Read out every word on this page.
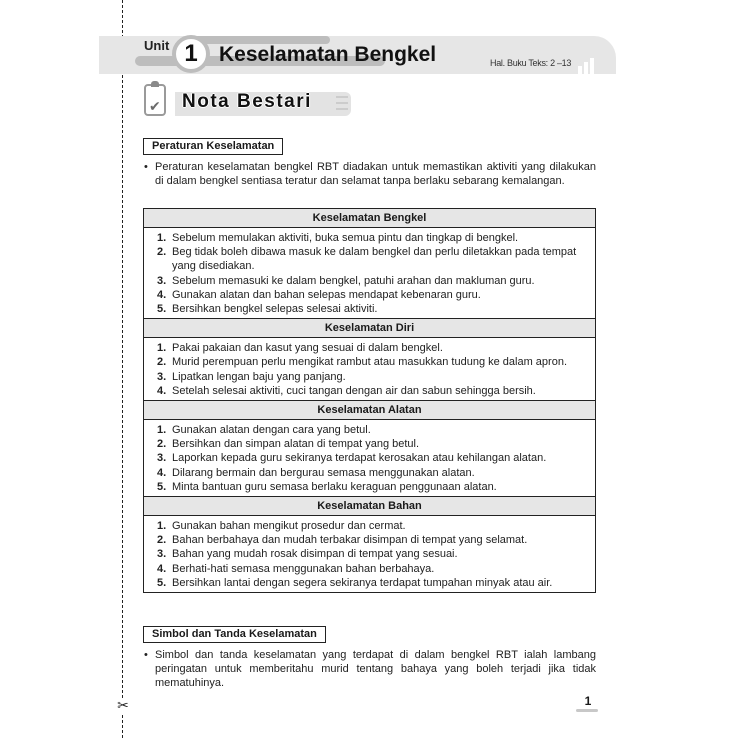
✂
Unit 1	Keselamatan Bengkel	Hal. Buku Teks: 2 –13
✔ Nota Bestari
Peraturan Keselamatan
• Peraturan keselamatan bengkel RBT diadakan untuk memastikan aktiviti yang dilakukan di dalam bengkel sentiasa teratur dan selamat tanpa berlaku sebarang kemalangan.
Keselamatan Bengkel
1. Sebelum memulakan aktiviti, buka semua pintu dan tingkap di bengkel.
2. Beg tidak boleh dibawa masuk ke dalam bengkel dan perlu diletakkan pada tempat yang disediakan.
3. Sebelum memasuki ke dalam bengkel, patuhi arahan dan makluman guru.
4. Gunakan alatan dan bahan selepas mendapat kebenaran guru.
5. Bersihkan bengkel selepas selesai aktiviti.
Keselamatan Diri
1. Pakai pakaian dan kasut yang sesuai di dalam bengkel.
2. Murid perempuan perlu mengikat rambut atau masukkan tudung ke dalam apron.
3. Lipatkan lengan baju yang panjang.
4. Setelah selesai aktiviti, cuci tangan dengan air dan sabun sehingga bersih.
Keselamatan Alatan
1. Gunakan alatan dengan cara yang betul.
2. Bersihkan dan simpan alatan di tempat yang betul.
3. Laporkan kepada guru sekiranya terdapat kerosakan atau kehilangan alatan.
4. Dilarang bermain dan bergurau semasa menggunakan alatan.
5. Minta bantuan guru semasa berlaku keraguan penggunaan alatan.
Keselamatan Bahan
1. Gunakan bahan mengikut prosedur dan cermat.
2. Bahan berbahaya dan mudah terbakar disimpan di tempat yang selamat.
3. Bahan yang mudah rosak disimpan di tempat yang sesuai.
4. Berhati-hati semasa menggunakan bahan berbahaya.
5. Bersihkan lantai dengan segera sekiranya terdapat tumpahan minyak atau air.
Simbol dan Tanda Keselamatan
• Simbol dan tanda keselamatan yang terdapat di dalam bengkel RBT ialah lambang peringatan untuk memberitahu murid tentang bahaya yang boleh terjadi jika tidak mematuhinya.
1
